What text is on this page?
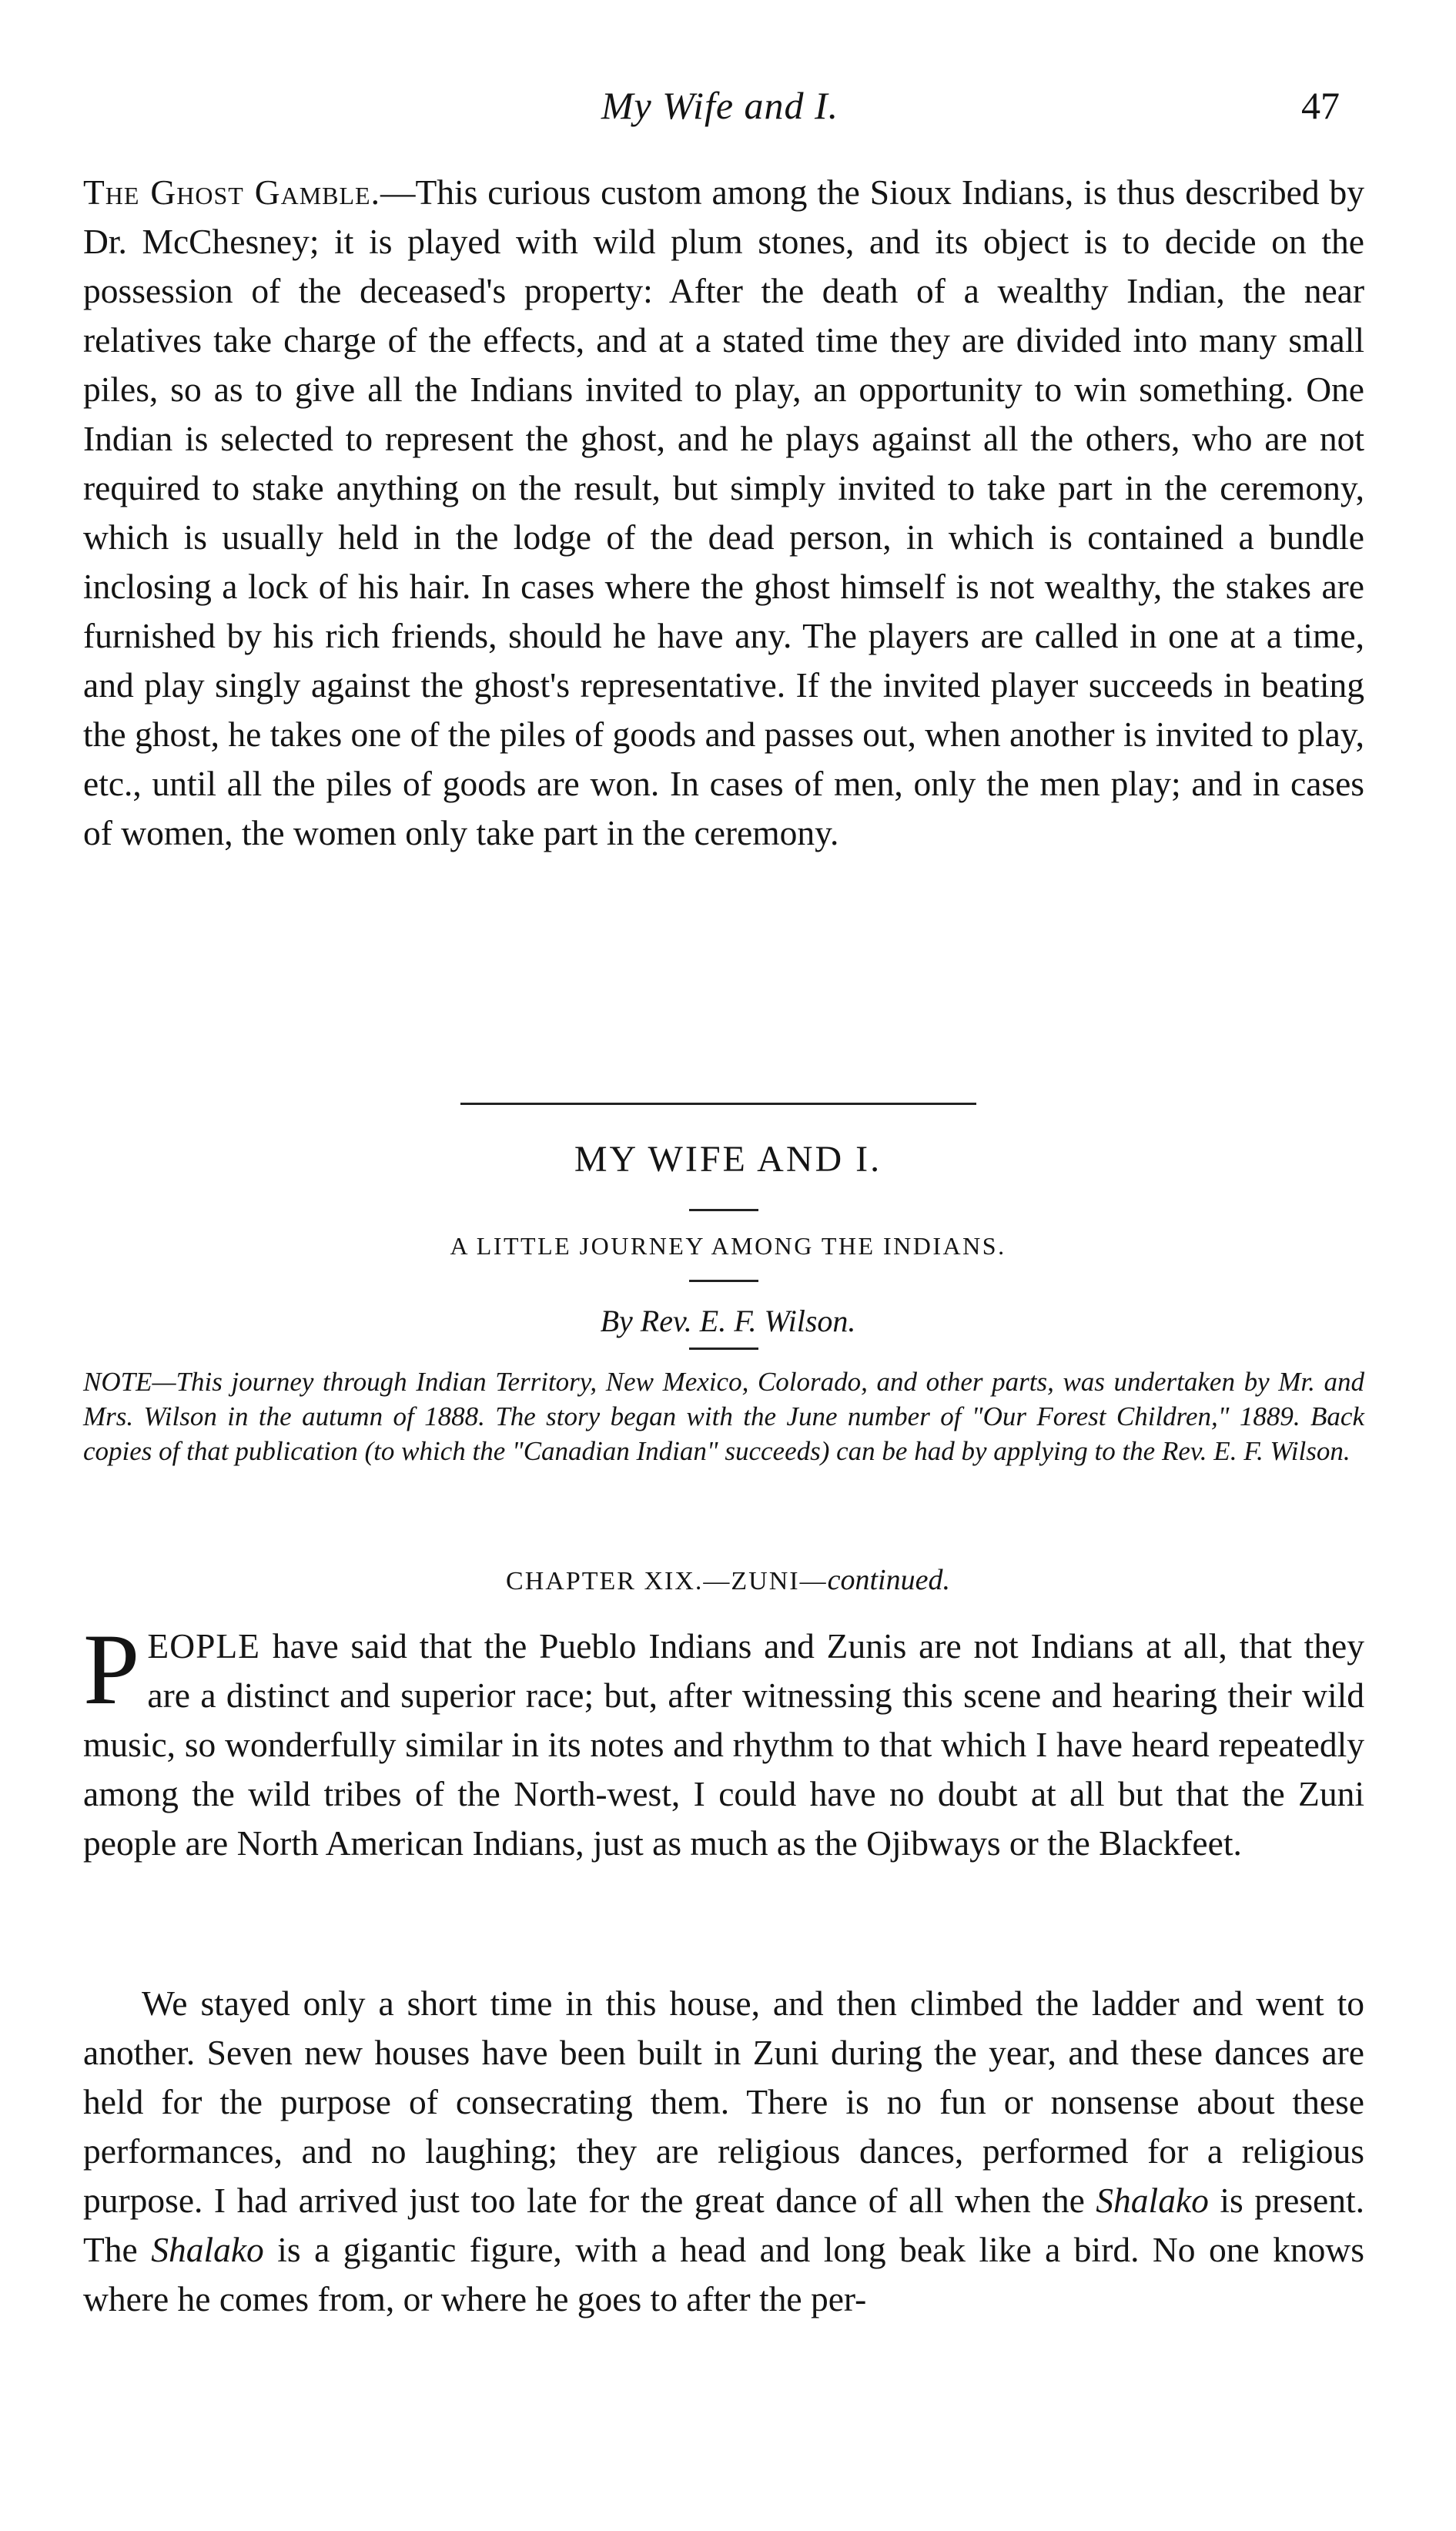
My Wife and I.	47

The Ghost Gamble.—This curious custom among the Sioux Indians, is thus described by Dr. McChesney; it is played with wild plum stones, and its object is to decide on the possession of the deceased's property: After the death of a wealthy Indian, the near relatives take charge of the effects, and at a stated time they are divided into many small piles, so as to give all the Indians invited to play, an opportunity to win something. One Indian is selected to represent the ghost, and he plays against all the others, who are not required to stake anything on the result, but simply invited to take part in the ceremony, which is usually held in the lodge of the dead person, in which is contained a bundle inclosing a lock of his hair. In cases where the ghost himself is not wealthy, the stakes are furnished by his rich friends, should he have any. The players are called in one at a time, and play singly against the ghost's representative. If the invited player succeeds in beating the ghost, he takes one of the piles of goods and passes out, when another is invited to play, etc., until all the piles of goods are won. In cases of men, only the men play; and in cases of women, the women only take part in the ceremony.

MY WIFE AND I.
A LITTLE JOURNEY AMONG THE INDIANS.
By Rev. E. F. Wilson.
NOTE—This journey through Indian Territory, New Mexico, Colorado, and other parts, was undertaken by Mr. and Mrs. Wilson in the autumn of 1888. The story began with the June number of "Our Forest Children," 1889. Back copies of that publication (to which the "Canadian Indian" succeeds) can be had by applying to the Rev. E. F. Wilson.
CHAPTER XIX.—ZUNI—continued.

PEOPLE have said that the Pueblo Indians and Zunis are not Indians at all, that they are a distinct and superior race; but, after witnessing this scene and hearing their wild music, so wonderfully similar in its notes and rhythm to that which I have heard repeatedly among the wild tribes of the North-west, I could have no doubt at all but that the Zuni people are North American Indians, just as much as the Ojibways or the Blackfeet.

We stayed only a short time in this house, and then climbed the ladder and went to another. Seven new houses have been built in Zuni during the year, and these dances are held for the purpose of consecrating them. There is no fun or nonsense about these performances, and no laughing; they are religious dances, performed for a religious purpose. I had arrived just too late for the great dance of all when the Shalako is present. The Shalako is a gigantic figure, with a head and long beak like a bird. No one knows where he comes from, or where he goes to after the per-
